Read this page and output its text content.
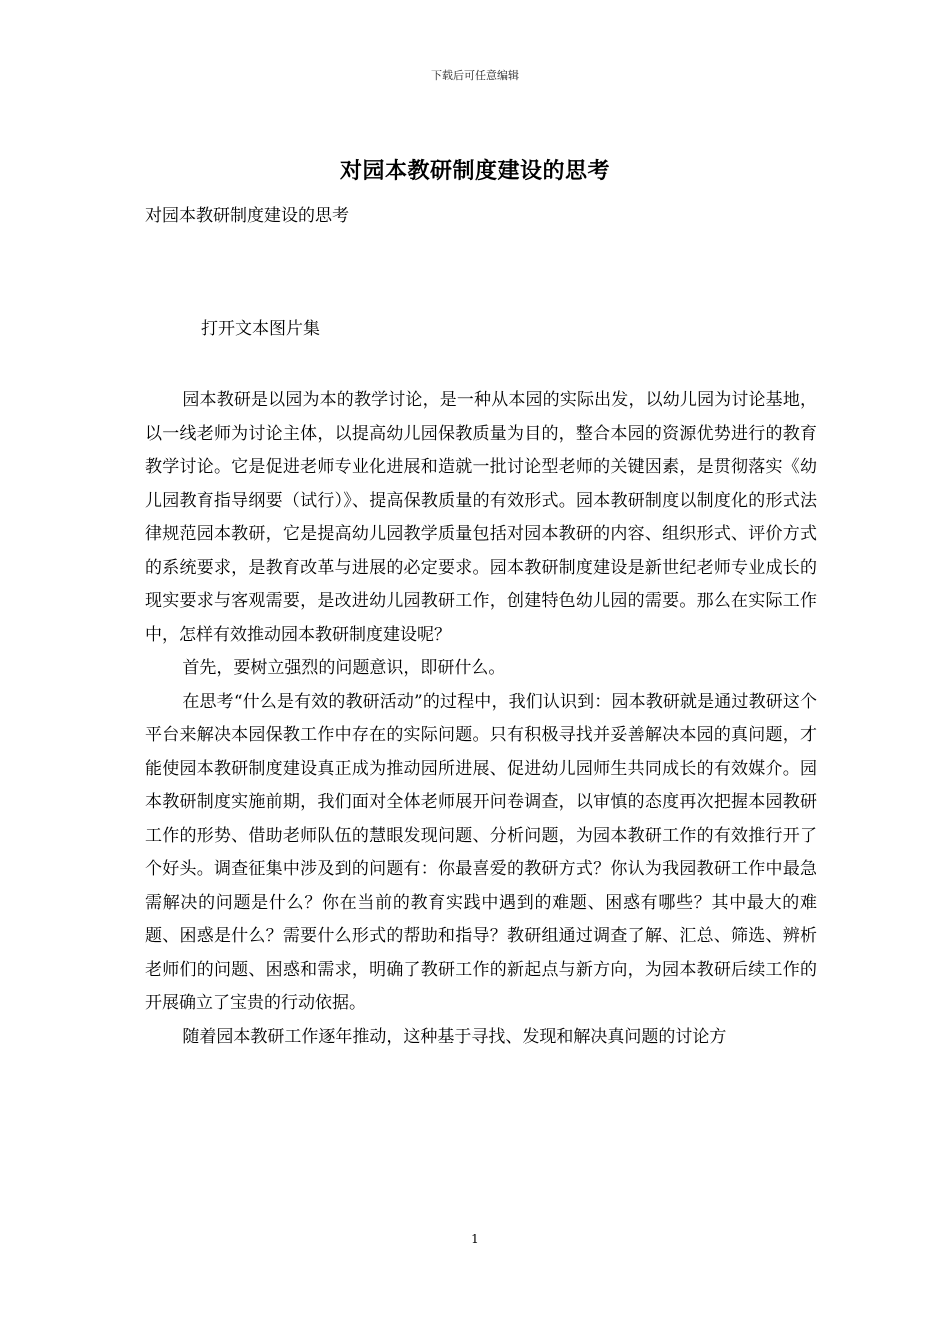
下载后可任意编辑
对园本教研制度建设的思考
对园本教研制度建设的思考
打开文本图片集

园本教研是以园为本的教学讨论，是一种从本园的实际出发，以幼儿园为讨论基地，以一线老师为讨论主体，以提高幼儿园保教质量为目的，整合本园的资源优势进行的教育教学讨论。它是促进老师专业化进展和造就一批讨论型老师的关键因素，是贯彻落实《幼儿园教育指导纲要（试行）》、提高保教质量的有效形式。园本教研制度以制度化的形式法律规范园本教研，它是提高幼儿园教学质量包括对园本教研的内容、组织形式、评价方式的系统要求，是教育改革与进展的必定要求。园本教研制度建设是新世纪老师专业成长的现实要求与客观需要，是改进幼儿园教研工作，创建特色幼儿园的需要。那么在实际工作中，怎样有效推动园本教研制度建设呢？

首先，要树立强烈的问题意识，即研什么。

在思考“什么是有效的教研活动”的过程中，我们认识到：园本教研就是通过教研这个平台来解决本园保教工作中存在的实际问题。只有积极寻找并妥善解决本园的真问题，才能使园本教研制度建设真正成为推动园所进展、促进幼儿园师生共同成长的有效媒介。园本教研制度实施前期，我们面对全体老师展开问卷调查，以审慎的态度再次把握本园教研工作的形势、借助老师队伍的慧眼发现问题、分析问题，为园本教研工作的有效推行开了个好头。调查征集中涉及到的问题有：你最喜爱的教研方式？你认为我园教研工作中最急需解决的问题是什么？你在当前的教育实践中遇到的难题、困惑有哪些？其中最大的难题、困惑是什么？需要什么形式的帮助和指导？教研组通过调查了解、汇总、筛选、辨析老师们的问题、困惑和需求，明确了教研工作的新起点与新方向，为园本教研后续工作的开展确立了宝贵的行动依据。

随着园本教研工作逐年推动，这种基于寻找、发现和解决真问题的讨论方

1
